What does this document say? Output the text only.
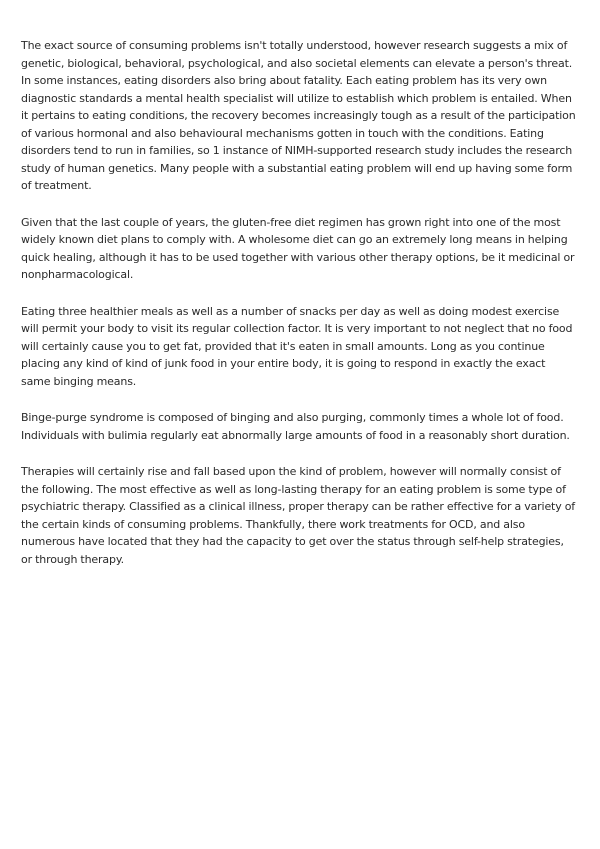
The exact source of consuming problems isn't totally understood, however research suggests a mix of genetic, biological, behavioral, psychological, and also societal elements can elevate a person's threat. In some instances, eating disorders also bring about fatality. Each eating problem has its very own diagnostic standards a mental health specialist will utilize to establish which problem is entailed. When it pertains to eating conditions, the recovery becomes increasingly tough as a result of the participation of various hormonal and also behavioural mechanisms gotten in touch with the conditions. Eating disorders tend to run in families, so 1 instance of NIMH-supported research study includes the research study of human genetics. Many people with a substantial eating problem will end up having some form of treatment.

Given that the last couple of years, the gluten-free diet regimen has grown right into one of the most widely known diet plans to comply with. A wholesome diet can go an extremely long means in helping quick healing, although it has to be used together with various other therapy options, be it medicinal or nonpharmacological.

Eating three healthier meals as well as a number of snacks per day as well as doing modest exercise will permit your body to visit its regular collection factor. It is very important to not neglect that no food will certainly cause you to get fat, provided that it's eaten in small amounts. Long as you continue placing any kind of kind of junk food in your entire body, it is going to respond in exactly the exact same binging means.

Binge-purge syndrome is composed of binging and also purging, commonly times a whole lot of food. Individuals with bulimia regularly eat abnormally large amounts of food in a reasonably short duration.

Therapies will certainly rise and fall based upon the kind of problem, however will normally consist of the following. The most effective as well as long-lasting therapy for an eating problem is some type of psychiatric therapy. Classified as a clinical illness, proper therapy can be rather effective for a variety of the certain kinds of consuming problems. Thankfully, there work treatments for OCD, and also numerous have located that they had the capacity to get over the status through self-help strategies, or through therapy.
